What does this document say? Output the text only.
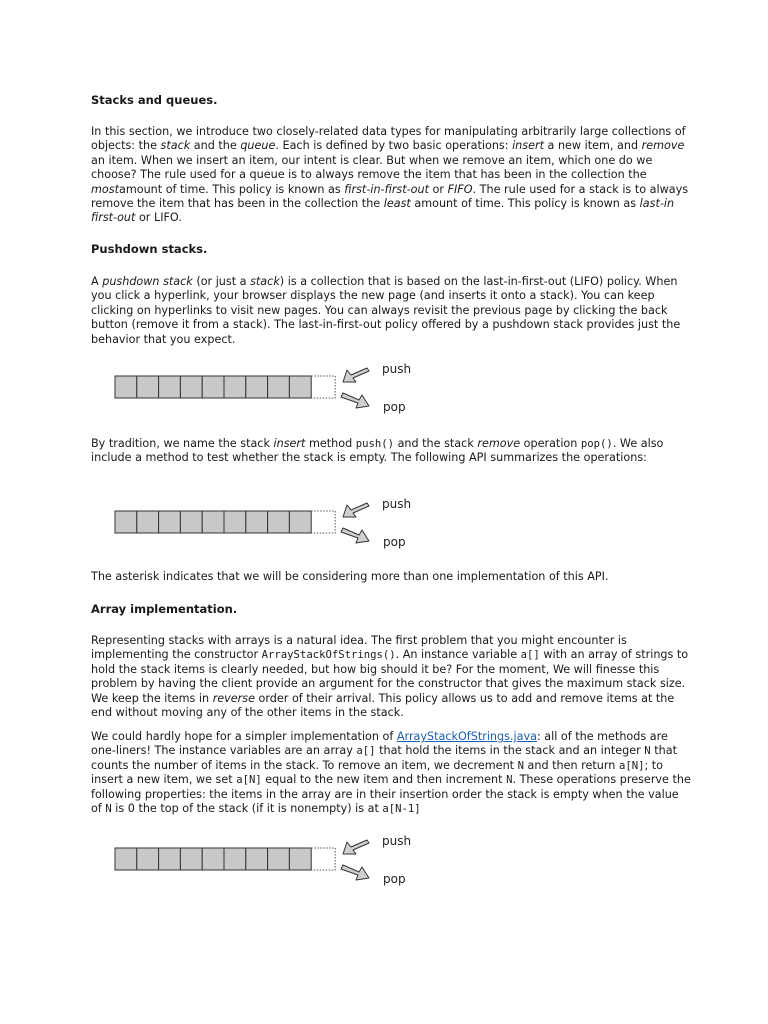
Stacks and queues.
In this section, we introduce two closely-related data types for manipulating arbitrarily large collections of objects: the stack and the queue. Each is defined by two basic operations: insert a new item, and remove an item. When we insert an item, our intent is clear. But when we remove an item, which one do we choose? The rule used for a queue is to always remove the item that has been in the collection the mostamount of time. This policy is known as first-in-first-out or FIFO. The rule used for a stack is to always remove the item that has been in the collection the least amount of time. This policy is known as last-in first-out or LIFO.
Pushdown stacks.
A pushdown stack (or just a stack) is a collection that is based on the last-in-first-out (LIFO) policy. When you click a hyperlink, your browser displays the new page (and inserts it onto a stack). You can keep clicking on hyperlinks to visit new pages. You can always revisit the previous page by clicking the back button (remove it from a stack). The last-in-first-out policy offered by a pushdown stack provides just the behavior that you expect.
push
pop
By tradition, we name the stack insert method push() and the stack remove operation pop(). We also include a method to test whether the stack is empty. The following API summarizes the operations:
push
pop
The asterisk indicates that we will be considering more than one implementation of this API.
Array implementation.
Representing stacks with arrays is a natural idea. The first problem that you might encounter is implementing the constructor ArrayStackOfStrings(). An instance variable a[] with an array of strings to hold the stack items is clearly needed, but how big should it be? For the moment, We will finesse this problem by having the client provide an argument for the constructor that gives the maximum stack size. We keep the items in reverse order of their arrival. This policy allows us to add and remove items at the end without moving any of the other items in the stack.
We could hardly hope for a simpler implementation of ArrayStackOfStrings.java: all of the methods are one-liners! The instance variables are an array a[] that hold the items in the stack and an integer N that counts the number of items in the stack. To remove an item, we decrement N and then return a[N]; to insert a new item, we set a[N] equal to the new item and then increment N. These operations preserve the following properties: the items in the array are in their insertion order the stack is empty when the value of N is 0 the top of the stack (if it is nonempty) is at a[N-1]
push
pop
